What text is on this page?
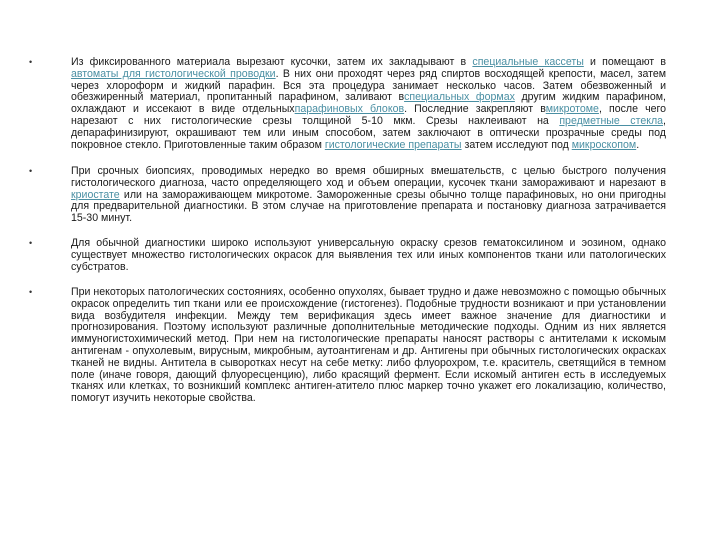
•	Из фиксированного материала вырезают кусочки, затем их закладывают в специальные кассеты и помещают в автоматы для гистологической проводки. В них они проходят через ряд спиртов восходящей крепости, масел, затем через хлороформ и жидкий парафин. Вся эта процедура занимает несколько часов. Затем обезвоженный и обезжиренный материал, пропитанный парафином, заливают вспециальных формах другим жидким парафином, охлаждают и иссекают в виде отдельныхпарафиновых блоков. Последние закрепляют вмикротоме, после чего нарезают с них гистологические срезы толщиной 5-10 мкм. Срезы наклеивают на предметные стекла, депарафинизируют, окрашивают тем или иным способом, затем заключают в оптически прозрачные среды под покровное стекло. Приготовленные таким образом гистологические препараты затем исследуют под микроскопом.
•	При срочных биопсиях, проводимых нередко во время обширных вмешательств, с целью быстрого получения гистологического диагноза, часто определяющего ход и объем операции, кусочек ткани замораживают и нарезают в криостате или на замораживающем микротоме. Замороженные срезы обычно толще парафиновых, но они пригодны для предварительной диагностики. В этом случае на приготовление препарата и постановку диагноза затрачивается 15-30 минут.
•	Для обычной диагностики широко используют универсальную окраску срезов гематоксилином и эозином, однако существует множество гистологических окрасок для выявления тех или иных компонентов ткани или патологических субстратов.
•	При некоторых патологических состояниях, особенно опухолях, бывает трудно и даже невозможно с помощью обычных окрасок определить тип ткани или ее происхождение (гистогенез). Подобные трудности возникают и при установлении вида возбудителя инфекции. Между тем верификация здесь имеет важное значение для диагностики и прогнозирования. Поэтому используют различные дополнительные методические подходы. Одним из них является иммуногистохимический метод. При нем на гистологические препараты наносят растворы с антителами к искомым антигенам - опухолевым, вирусным, микробным, аутоантигенам и др. Антигены при обычных гистологических окрасках тканей не видны. Антитела в сывороткax несут на себе метку: либо флуорохром, т.е. краситель, светящийся в темном поле (иначе говоря, дающий флуоресценцию), либо красящий фермент. Если искомый антиген есть в исследуемых тканях или клетках, то возникший комплекс антиген-атитело плюс маркер точно укажет его локализацию, количество, помогут изучить некоторые свойства.
